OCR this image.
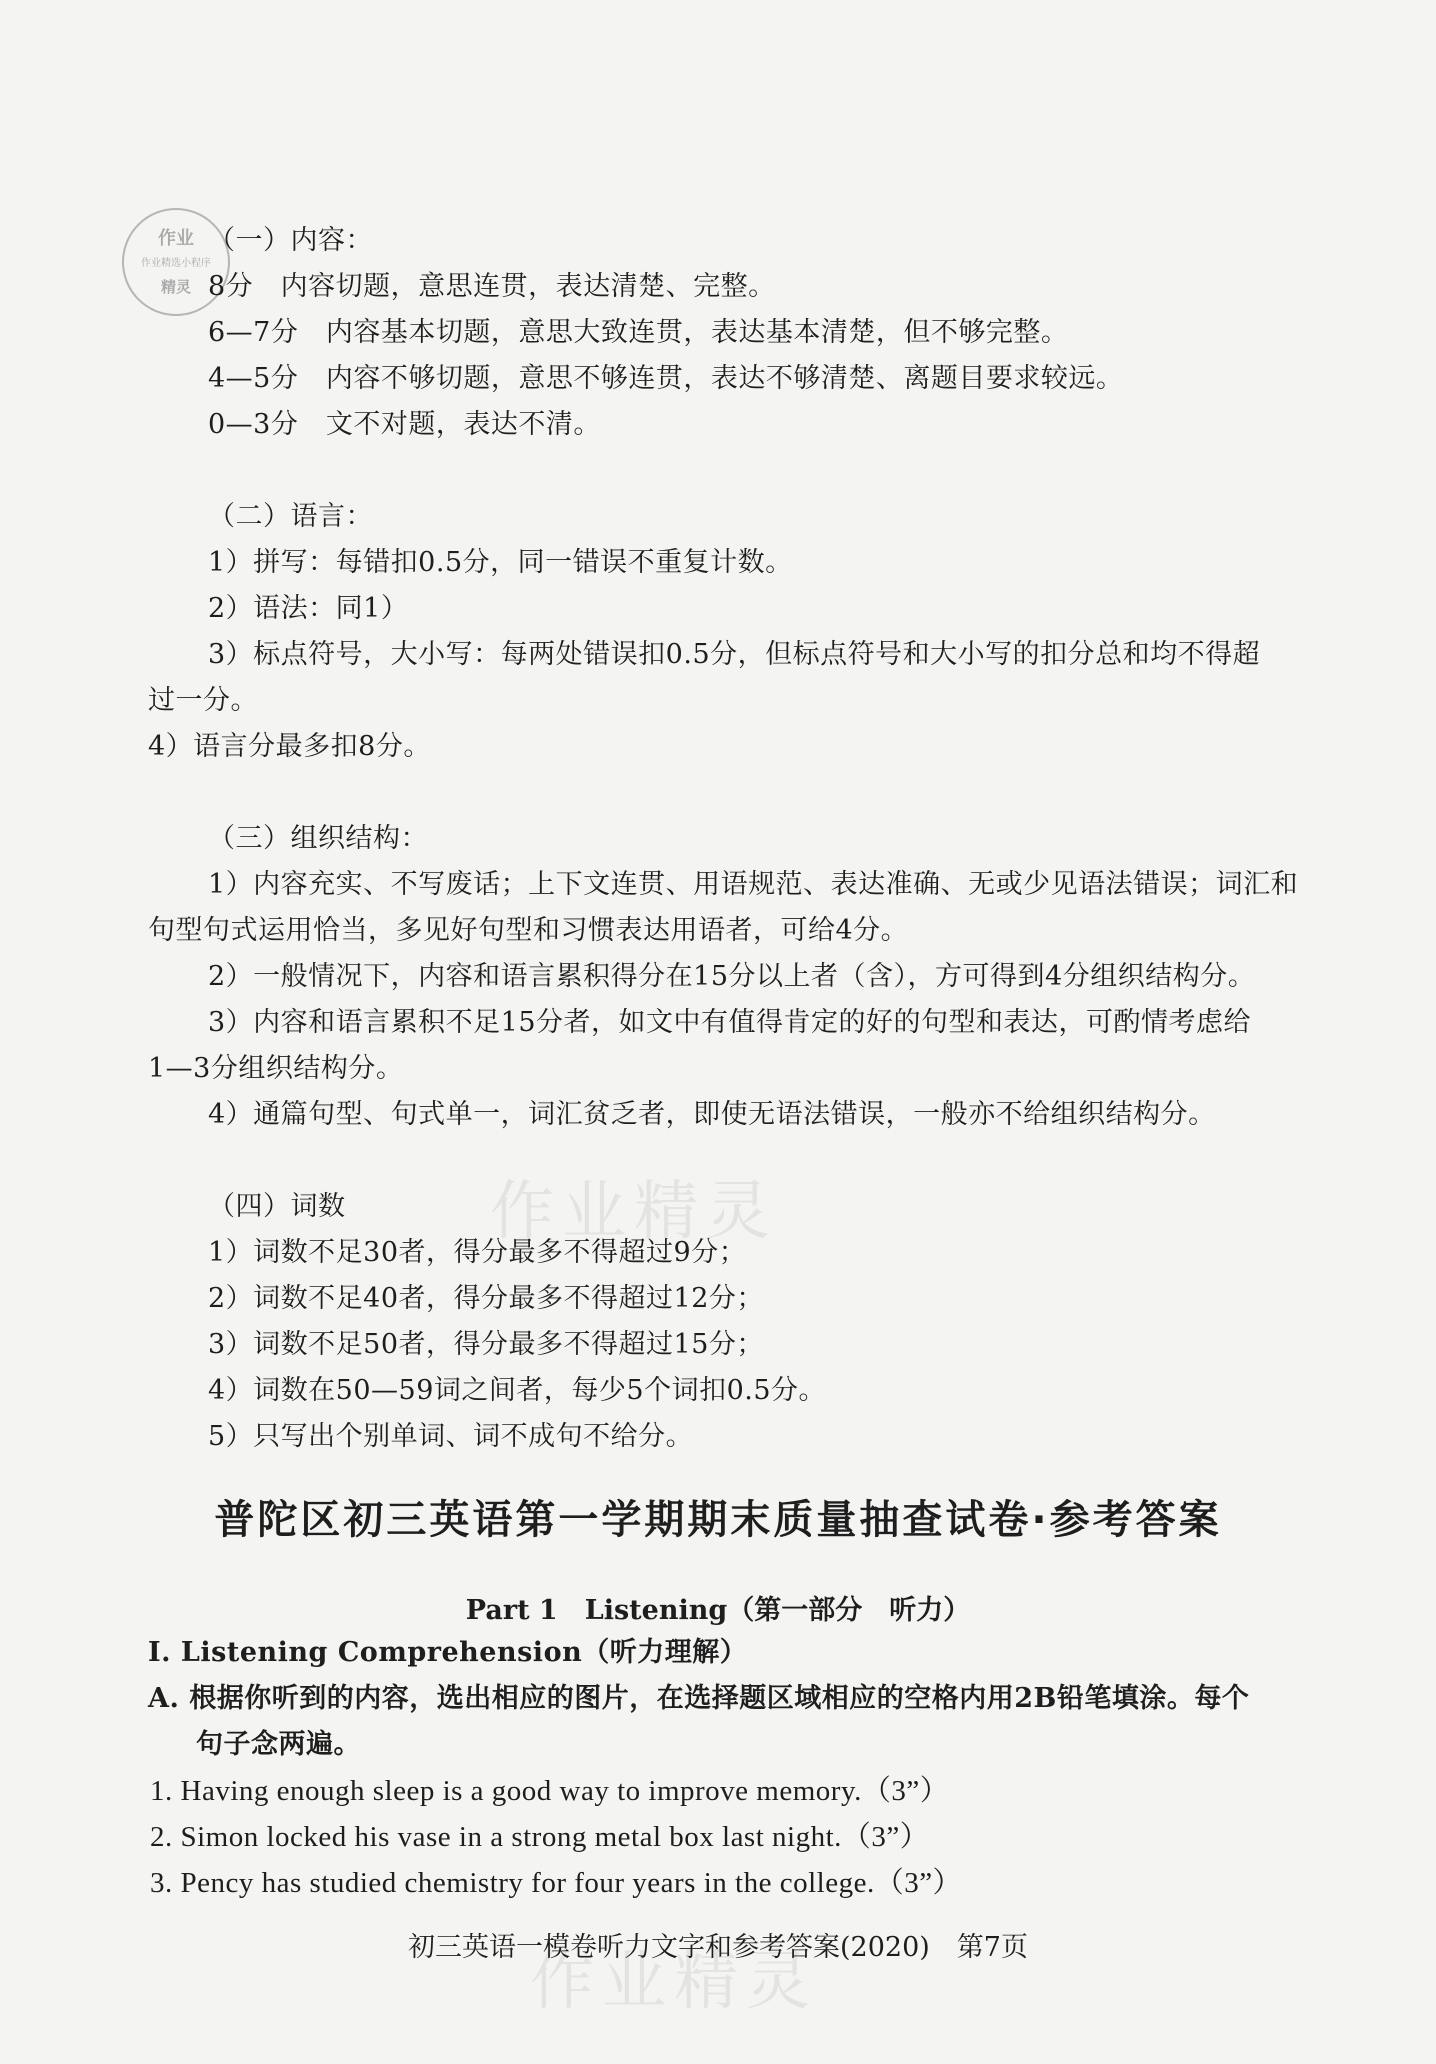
作业
作业精选小程序
精灵
（一）内容：
8分　内容切题，意思连贯，表达清楚、完整。
6—7分　内容基本切题，意思大致连贯，表达基本清楚，但不够完整。
4—5分　内容不够切题，意思不够连贯，表达不够清楚、离题目要求较远。
0—3分　文不对题，表达不清。
（二）语言：
1）拼写：每错扣0.5分，同一错误不重复计数。
2）语法：同1）
3）标点符号，大小写：每两处错误扣0.5分，但标点符号和大小写的扣分总和均不得超
过一分。
4）语言分最多扣8分。
（三）组织结构：
1）内容充实、不写废话；上下文连贯、用语规范、表达准确、无或少见语法错误；词汇和
句型句式运用恰当，多见好句型和习惯表达用语者，可给4分。
2）一般情况下，内容和语言累积得分在15分以上者（含），方可得到4分组织结构分。
3）内容和语言累积不足15分者，如文中有值得肯定的好的句型和表达，可酌情考虑给
1—3分组织结构分。
4）通篇句型、句式单一，词汇贫乏者，即使无语法错误，一般亦不给组织结构分。
作业精灵
（四）词数
1）词数不足30者，得分最多不得超过9分；
2）词数不足40者，得分最多不得超过12分；
3）词数不足50者，得分最多不得超过15分；
4）词数在50—59词之间者，每少5个词扣0.5分。
5）只写出个别单词、词不成句不给分。
普陀区初三英语第一学期期末质量抽查试卷·参考答案
Part 1　Listening（第一部分　听力）
Ⅰ. Listening Comprehension（听力理解）
A. 根据你听到的内容，选出相应的图片，在选择题区域相应的空格内用2B铅笔填涂。每个
句子念两遍。
1. Having enough sleep is a good way to improve memory.（3”）
2. Simon locked his vase in a strong metal box last night.（3”）
3. Pency has studied chemistry for four years in the college.（3”）
作业精灵
初三英语一模卷听力文字和参考答案(2020)　第7页
